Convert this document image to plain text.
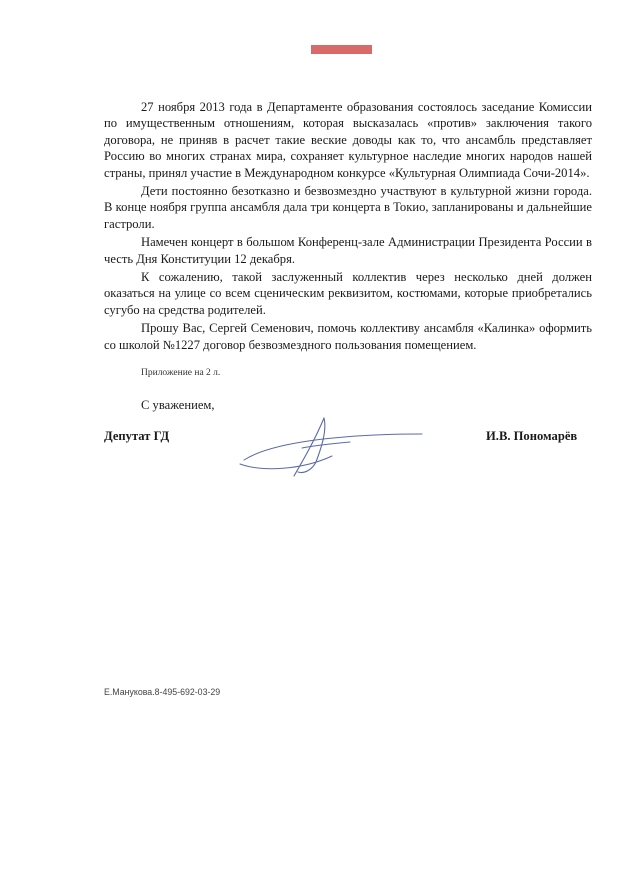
27 ноября 2013 года в Департаменте образования состоялось заседание Комиссии по имущественным отношениям, которая высказалась «против» заключения такого договора, не приняв в расчет такие веские доводы как то, что ансамбль представляет Россию во многих странах мира, сохраняет культурное наследие многих народов нашей страны, принял участие в Международном конкурсе «Культурная Олимпиада Сочи-2014».

Дети постоянно безотказно и безвозмездно участвуют в культурной жизни города. В конце ноября группа ансамбля дала три концерта в Токио, запланированы и дальнейшие гастроли.

Намечен концерт в большом Конференц-зале Администрации Президента России в честь Дня Конституции 12 декабря.

К сожалению, такой заслуженный коллектив через несколько дней должен оказаться на улице со всем сценическим реквизитом, костюмами, которые приобретались сугубо на средства родителей.

Прошу Вас, Сергей Семенович, помочь коллективу ансамбля «Калинка» оформить со школой №1227 договор безвозмездного пользования помещением.

Приложение на 2 л.
С уважением,
Депутат ГД	И.В. Пономарёв
Е.Манукова.8-495-692-03-29
